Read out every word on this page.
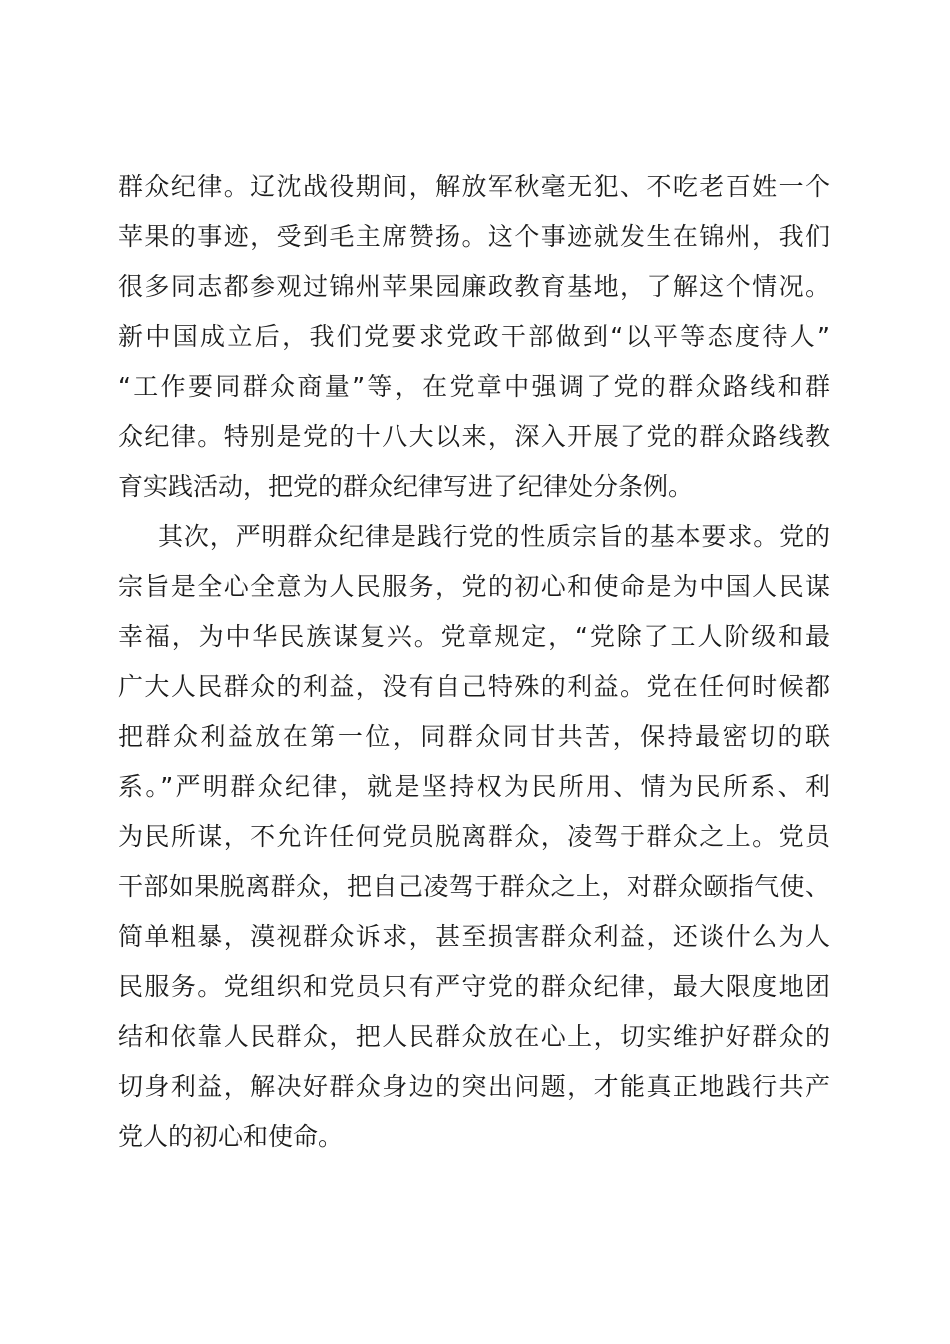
群众纪律。辽沈战役期间，解放军秋毫无犯、不吃老百姓一个
苹果的事迹，受到毛主席赞扬。这个事迹就发生在锦州，我们
很多同志都参观过锦州苹果园廉政教育基地，了解这个情况。
新中国成立后，我们党要求党政干部做到“以平等态度待人”
“工作要同群众商量”等，在党章中强调了党的群众路线和群
众纪律。特别是党的十八大以来，深入开展了党的群众路线教
育实践活动，把党的群众纪律写进了纪律处分条例。
其次，严明群众纪律是践行党的性质宗旨的基本要求。党的
宗旨是全心全意为人民服务，党的初心和使命是为中国人民谋
幸福，为中华民族谋复兴。党章规定，“党除了工人阶级和最
广大人民群众的利益，没有自己特殊的利益。党在任何时候都
把群众利益放在第一位，同群众同甘共苦，保持最密切的联
系。”严明群众纪律，就是坚持权为民所用、情为民所系、利
为民所谋，不允许任何党员脱离群众，凌驾于群众之上。党员
干部如果脱离群众，把自己凌驾于群众之上，对群众颐指气使、
简单粗暴，漠视群众诉求，甚至损害群众利益，还谈什么为人
民服务。党组织和党员只有严守党的群众纪律，最大限度地团
结和依靠人民群众，把人民群众放在心上，切实维护好群众的
切身利益，解决好群众身边的突出问题，才能真正地践行共产
党人的初心和使命。
